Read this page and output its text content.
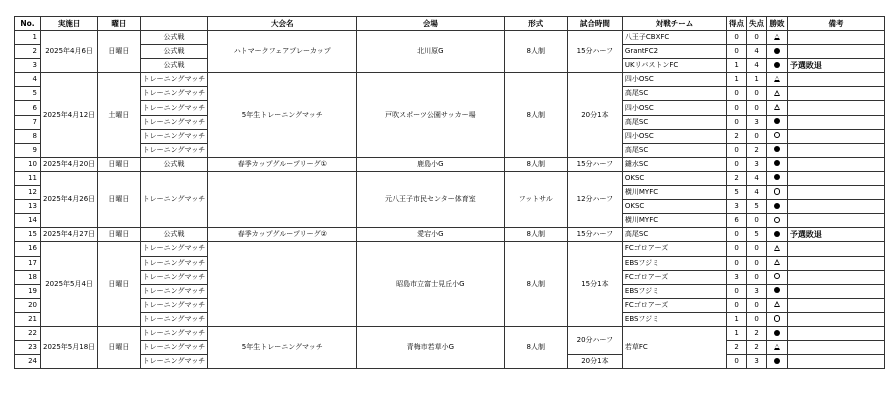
No.	実施日	曜日		大会名	会場	形式	試合時間	対戦チーム	得点	失点	勝敗	備考
1	2025年4月6日	日曜日	公式戦	ハトマークフェアプレーカップ	北川原G	8人制	15分ハーフ	八王子CBXFC	0	0		
2			公式戦					GrantFC2	0	4		
3			公式戦					UKリバストンFC	1	4		予選敗退
4	2025年4月12日	土曜日	トレーニングマッチ	5年生トレーニングマッチ	戸吹スポーツ公園サッカー場	8人制	20分1本	四小OSC	1	1		
5			トレーニングマッチ					高尾SC	0	0		
6			トレーニングマッチ					四小OSC	0	0		
7			トレーニングマッチ					高尾SC	0	3		
8			トレーニングマッチ					四小OSC	2	0		
9			トレーニングマッチ					高尾SC	0	2		
10	2025年4月20日	日曜日	公式戦	春季カップグループリーグ①	鹿島小G	8人制	15分ハーフ	鑓水SC	0	3		
11	2025年4月26日	日曜日	トレーニングマッチ		元八王子市民センター体育室	フットサル	12分ハーフ	OKSC	2	4		
12								横川MYFC	5	4		
13								OKSC	3	5		
14								横川MYFC	6	0		
15	2025年4月27日	日曜日	公式戦	春季カップグループリーグ②	愛宕小G	8人制	15分ハーフ	高尾SC	0	5		予選敗退
16	2025年5月4日	日曜日	トレーニングマッチ		昭島市立富士見丘小G	8人制	15分1本	FCゴロアーズ	0	0		
17			トレーニングマッチ					EBSフジミ	0	0		
18			トレーニングマッチ					FCゴロアーズ	3	0		
19			トレーニングマッチ					EBSフジミ	0	3		
20			トレーニングマッチ					FCゴロアーズ	0	0		
21			トレーニングマッチ					EBSフジミ	1	0		
22	2025年5月18日	日曜日	トレーニングマッチ	5年生トレーニングマッチ	青梅市若草小G	8人制	20分ハーフ	若草FC	1	2		
23			トレーニングマッチ						2	2		
24			トレーニングマッチ				20分1本		0	3		
